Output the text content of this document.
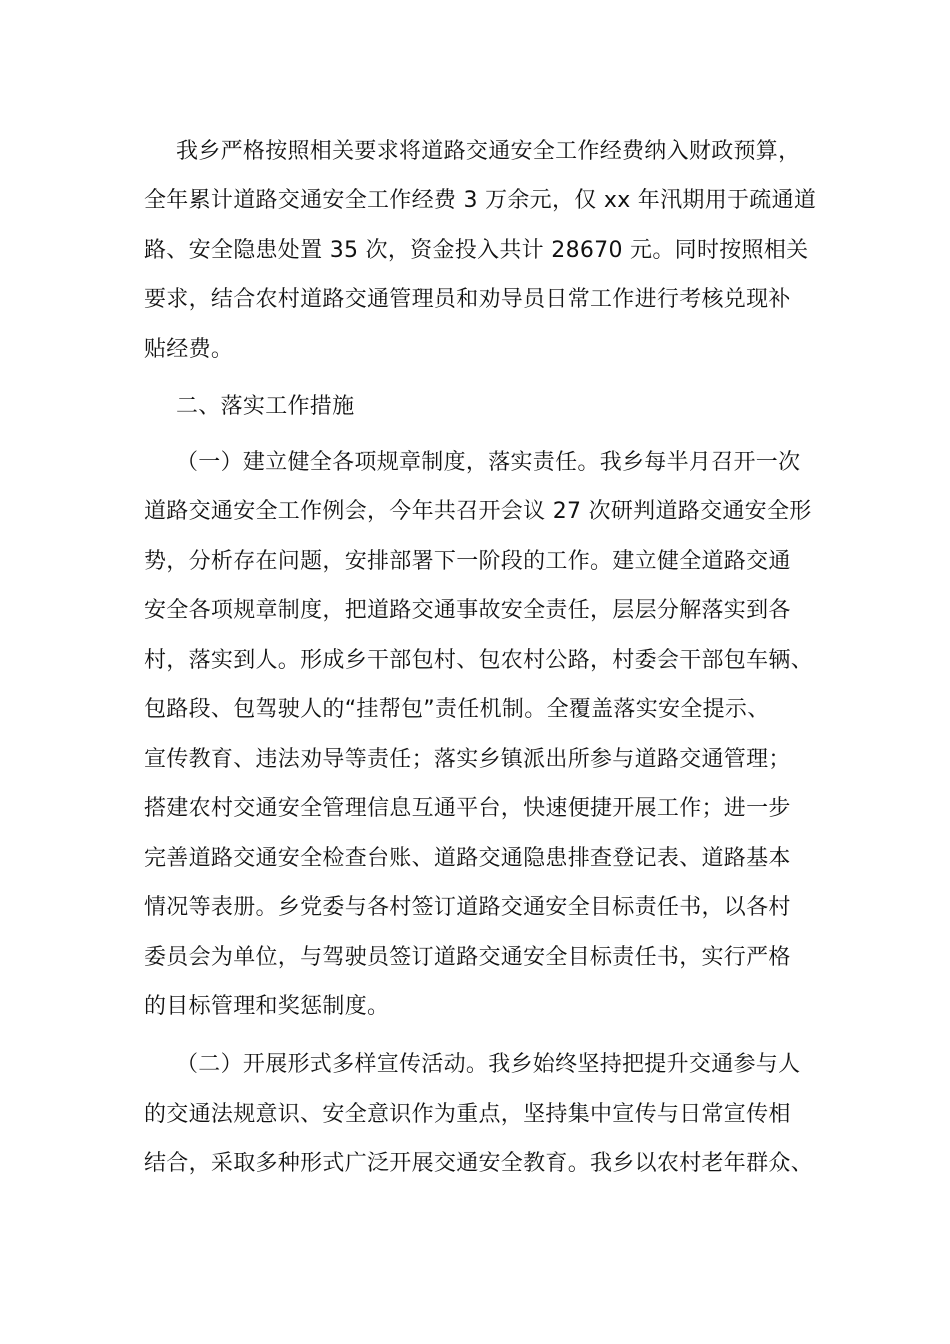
我乡严格按照相关要求将道路交通安全工作经费纳入财政预算，
全年累计道路交通安全工作经费 3 万余元，仅 xx 年汛期用于疏通道
路、安全隐患处置 35 次，资金投入共计 28670 元。同时按照相关
要求，结合农村道路交通管理员和劝导员日常工作进行考核兑现补
贴经费。
二、落实工作措施
（一）建立健全各项规章制度，落实责任。我乡每半月召开一次
道路交通安全工作例会，今年共召开会议 27 次研判道路交通安全形
势，分析存在问题，安排部署下一阶段的工作。建立健全道路交通
安全各项规章制度，把道路交通事故安全责任，层层分解落实到各
村，落实到人。形成乡干部包村、包农村公路，村委会干部包车辆、
包路段、包驾驶人的“挂帮包”责任机制。全覆盖落实安全提示、
宣传教育、违法劝导等责任；落实乡镇派出所参与道路交通管理；
搭建农村交通安全管理信息互通平台，快速便捷开展工作；进一步
完善道路交通安全检查台账、道路交通隐患排查登记表、道路基本
情况等表册。乡党委与各村签订道路交通安全目标责任书，以各村
委员会为单位，与驾驶员签订道路交通安全目标责任书，实行严格
的目标管理和奖惩制度。
（二）开展形式多样宣传活动。我乡始终坚持把提升交通参与人
的交通法规意识、安全意识作为重点，坚持集中宣传与日常宣传相
结合，采取多种形式广泛开展交通安全教育。我乡以农村老年群众、
